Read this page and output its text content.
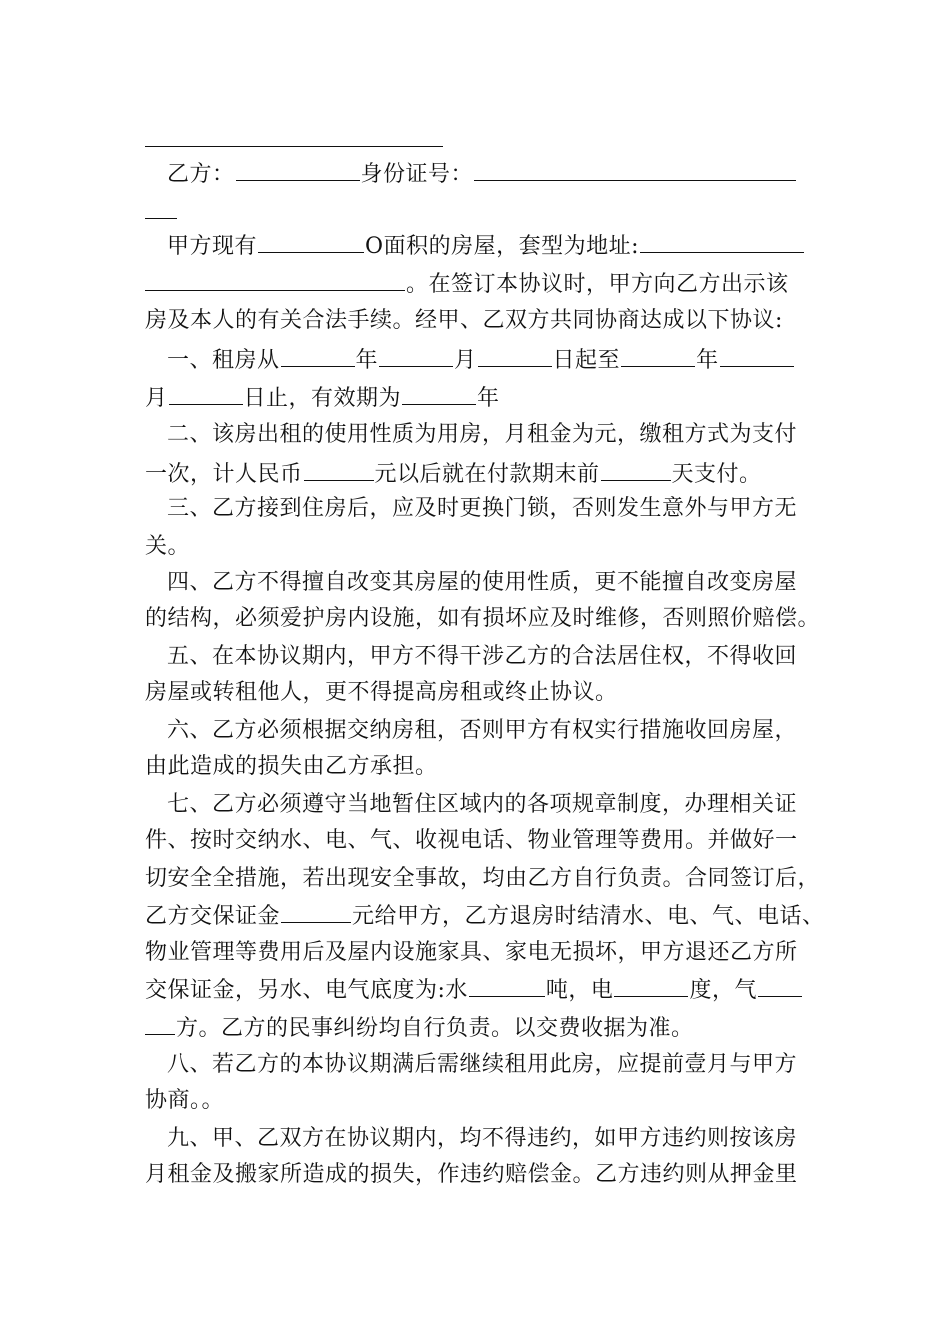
乙方：	身份证号：
甲方现有	O面积的房屋，套型为地址:
。在签订本协议时，甲方向乙方出示该
房及本人的有关合法手续。经甲、乙双方共同协商达成以下协议:
一、租房从	年	月	日起至	年
月	日止，有效期为	年
二、该房出租的使用性质为用房，月租金为元，缴租方式为支付
一次，计人民币	元以后就在付款期末前	天支付。
三、乙方接到住房后，应及时更换门锁，否则发生意外与甲方无
关。
四、乙方不得擅自改变其房屋的使用性质，更不能擅自改变房屋
的结构，必须爱护房内设施，如有损坏应及时维修，否则照价赔偿。
五、在本协议期内，甲方不得干涉乙方的合法居住权，不得收回
房屋或转租他人，更不得提高房租或终止协议。
六、乙方必须根据交纳房租，否则甲方有权实行措施收回房屋，
由此造成的损失由乙方承担。
七、乙方必须遵守当地暂住区域内的各项规章制度，办理相关证
件、按时交纳水、电、气、收视电话、物业管理等费用。并做好一
切安全全措施，若出现安全事故，均由乙方自行负责。合同签订后，
乙方交保证金	元给甲方，乙方退房时结清水、电、气、电话、
物业管理等费用后及屋内设施家具、家电无损坏，甲方退还乙方所
交保证金，另水、电气底度为:水	吨，电	度，气
方。乙方的民事纠纷均自行负责。以交费收据为准。
八、若乙方的本协议期满后需继续租用此房，应提前壹月与甲方
协商。。
九、甲、乙双方在协议期内，均不得违约，如甲方违约则按该房
月租金及搬家所造成的损失，作违约赔偿金。乙方违约则从押金里
